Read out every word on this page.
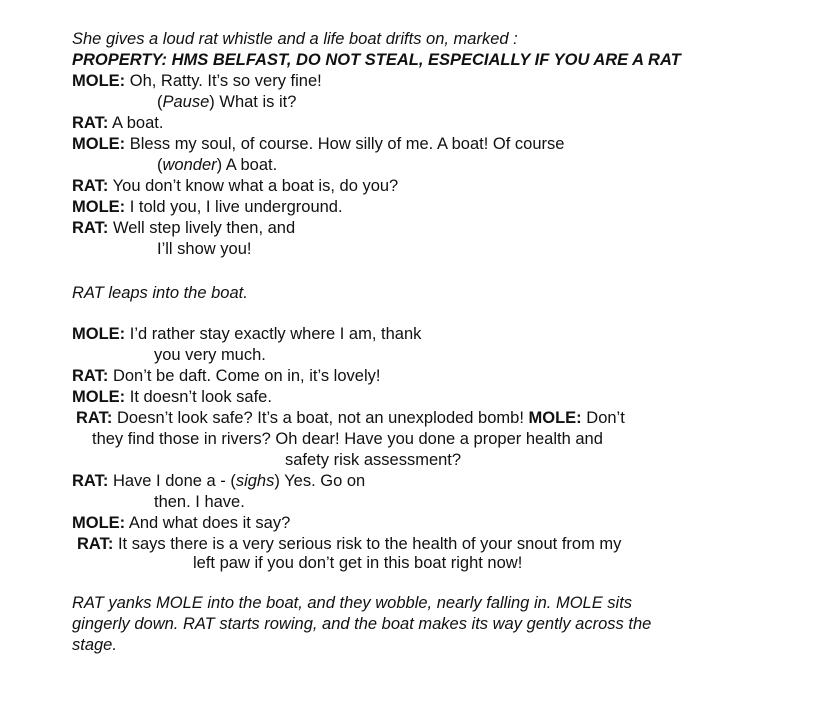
She gives a loud rat whistle and a life boat drifts on, marked :
PROPERTY: HMS BELFAST, DO NOT STEAL, ESPECIALLY IF YOU ARE A RAT
MOLE: Oh, Ratty. It’s so very fine!
(Pause) What is it?
RAT: A boat.
MOLE: Bless my soul, of course. How silly of me. A boat! Of course
(wonder) A boat.
RAT: You don’t know what a boat is, do you?
MOLE: I told you, I live underground.
RAT: Well step lively then, and
I’ll show you!
RAT leaps into the boat.
MOLE: I’d rather stay exactly where I am, thank
you very much.
RAT: Don’t be daft. Come on in, it’s lovely!
MOLE: It doesn’t look safe.
RAT: Doesn’t look safe? It’s a boat, not an unexploded bomb! MOLE: Don’t
they find those in rivers? Oh dear! Have you done a proper health and
safety risk assessment?
RAT: Have I done a - (sighs) Yes. Go on
then. I have.
MOLE: And what does it say?
RAT: It says there is a very serious risk to the health of your snout from my
left paw if you don’t get in this boat right now!
RAT yanks MOLE into the boat, and they wobble, nearly falling in. MOLE sits
gingerly down. RAT starts rowing, and the boat makes its way gently across the
stage.
